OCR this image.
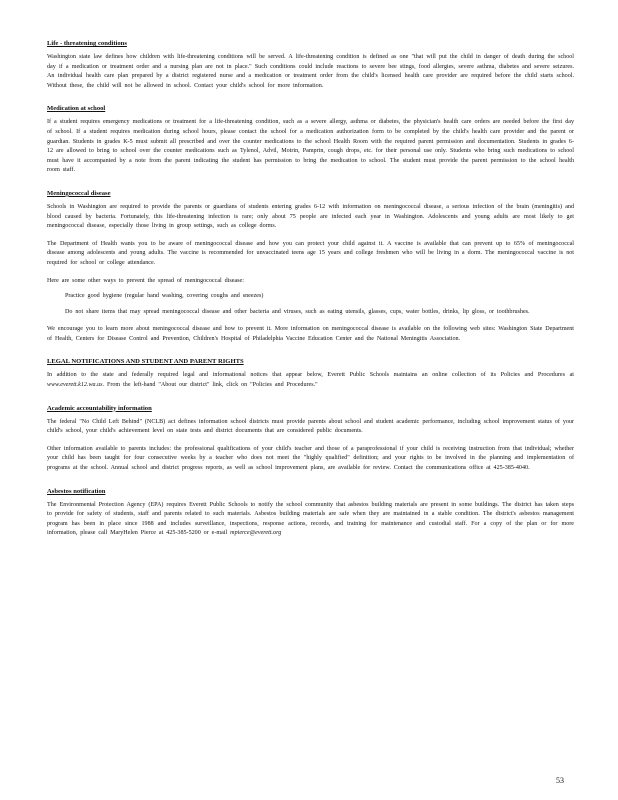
Life - threatening conditions

Washington state law defines how children with life-threatening conditions will be served. A life-threatening condition is defined as one "that will put the child in danger of death during the school day if a medication or treatment order and a nursing plan are not in place." Such conditions could include reactions to severe bee stings, food allergies, severe asthma, diabetes and severe seizures. An individual health care plan prepared by a district registered nurse and a medication or treatment order from the child's licensed health care provider are required before the child starts school. Without these, the child will not be allowed in school. Contact your child's school for more information.

Medication at school

If a student requires emergency medications or treatment for a life-threatening condition, such as a severe allergy, asthma or diabetes, the physician's health care orders are needed before the first day of school. If a student requires medication during school hours, please contact the school for a medication authorization form to be completed by the child's health care provider and the parent or guardian. Students in grades K-5 must submit all prescribed and over the counter medications to the school Health Room with the required parent permission and documentation. Students in grades 6-12 are allowed to bring to school over the counter medications such as Tylenol, Advil, Motrin, Pamprin, cough drops, etc. for their personal use only. Students who bring such medications to school must have it accompanied by a note from the parent indicating the student has permission to bring the medication to school. The student must provide the parent permission to the school health room staff.

Meningococcal disease

Schools in Washington are required to provide the parents or guardians of students entering grades 6-12 with information on meningococcal disease, a serious infection of the brain (meningitis) and blood caused by bacteria. Fortunately, this life-threatening infection is rare; only about 75 people are infected each year in Washington. Adolescents and young adults are most likely to get meningococcal disease, especially those living in group settings, such as college dorms.

The Department of Health wants you to be aware of meningococcal disease and how you can protect your child against it. A vaccine is available that can prevent up to 65% of meningococcal disease among adolescents and young adults. The vaccine is recommended for unvaccinated teens age 15 years and college freshmen who will be living in a dorm. The meningococcal vaccine is not required for school or college attendance.

Here are some other ways to prevent the spread of meningococcal disease:

Practice good hygiene (regular hand washing, covering coughs and sneezes)

Do not share items that may spread meningococcal disease and other bacteria and viruses, such as eating utensils, glasses, cups, water bottles, drinks, lip gloss, or toothbrushes.

We encourage you to learn more about meningococcal disease and how to prevent it. More information on meningococcal disease is available on the following web sites: Washington State Department of Health, Centers for Disease Control and Prevention, Children's Hospital of Philadelphia Vaccine Education Center and the National Meningitis Association.

LEGAL NOTIFICATIONS AND STUDENT AND PARENT RIGHTS

In addition to the state and federally required legal and informational notices that appear below, Everett Public Schools maintains an online collection of its Policies and Procedures at www.everett.k12.wa.us. From the left-hand "About our district" link, click on "Policies and Procedures."

Academic accountability information

The federal "No Child Left Behind" (NCLB) act defines information school districts must provide parents about school and student academic performance, including school improvement status of your child's school, your child's achievement level on state tests and district documents that are considered public documents.

Other information available to parents includes: the professional qualifications of your child's teacher and those of a paraprofessional if your child is receiving instruction from that individual; whether your child has been taught for four consecutive weeks by a teacher who does not meet the "highly qualified" definition; and your rights to be involved in the planning and implementation of programs at the school. Annual school and district progress reports, as well as school improvement plans, are available for review. Contact the communications office at 425-385-4040.

Asbestos notification

The Environmental Protection Agency (EPA) requires Everett Public Schools to notify the school community that asbestos building materials are present in some buildings. The district has taken steps to provide for safety of students, staff and parents related to such materials. Asbestos building materials are safe when they are maintained in a stable condition. The district's asbestos management program has been in place since 1988 and includes surveillance, inspections, response actions, records, and training for maintenance and custodial staff. For a copy of the plan or for more information, please call MaryHelen Pierce at 425-385-5200 or e-mail mpierce@everett.org

53
